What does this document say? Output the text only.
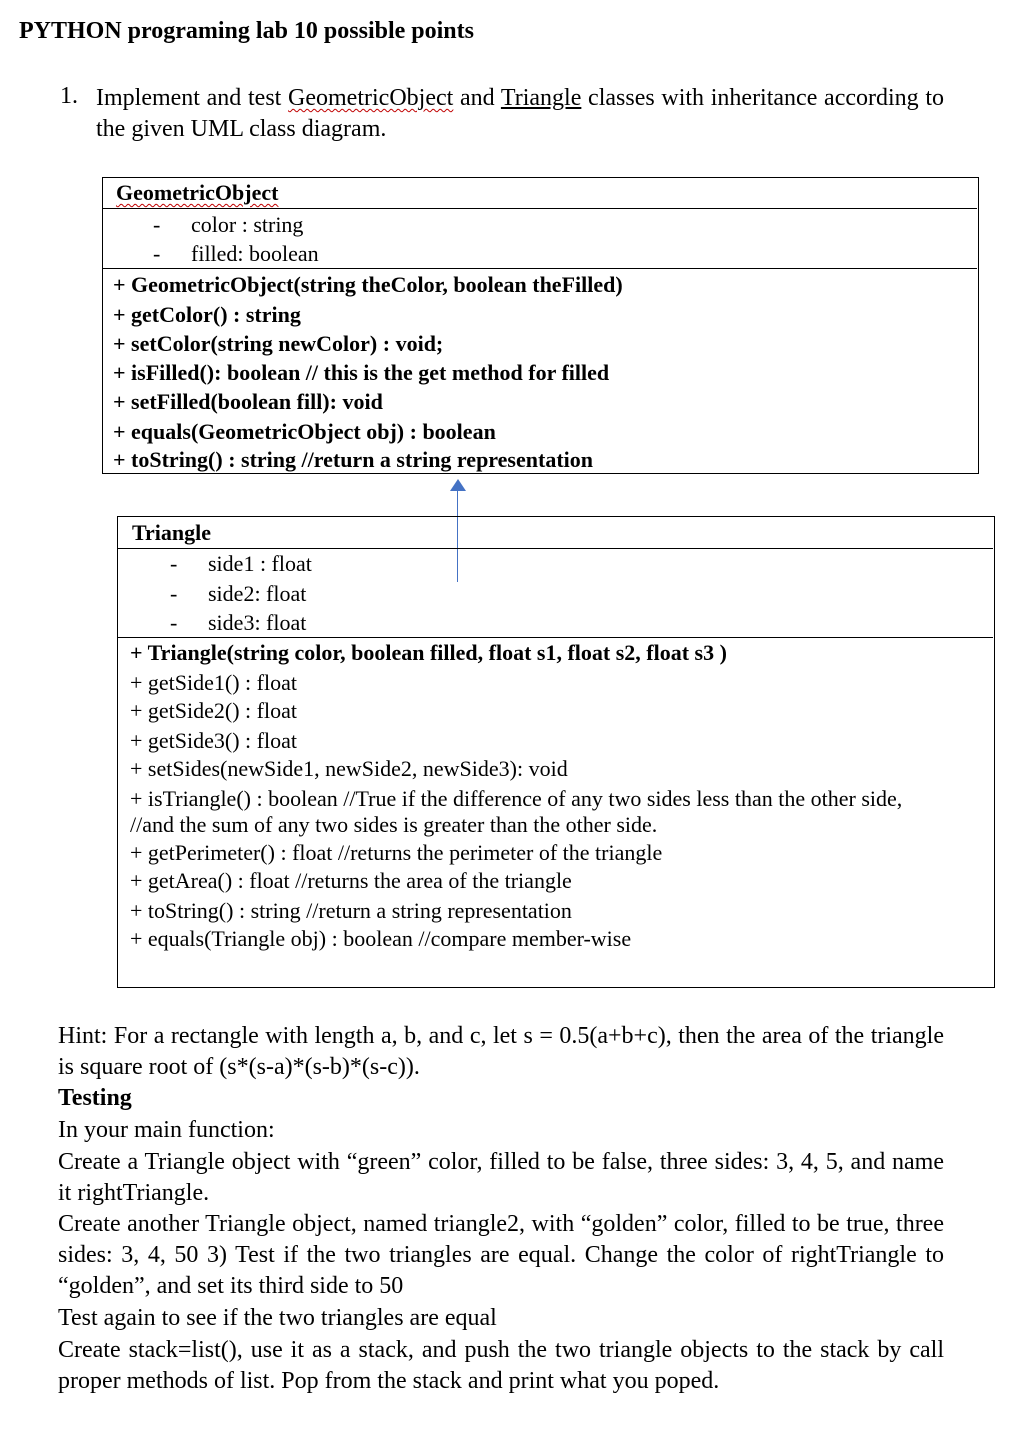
PYTHON programing lab 10 possible points
1. Implement and test GeometricObject and Triangle classes with inheritance according to the given UML class diagram.
GeometricObject
- color : string
- filled: boolean
+ GeometricObject(string theColor, boolean theFilled)
+ getColor() : string
+ setColor(string newColor) : void;
+ isFilled(): boolean // this is the get method for filled
+ setFilled(boolean fill): void
+ equals(GeometricObject obj) : boolean
+ toString() : string //return a string representation
Triangle
- side1 : float
- side2: float
- side3: float
+ Triangle(string color, boolean filled, float s1, float s2, float s3 )
+ getSide1() : float
+ getSide2() : float
+ getSide3() : float
+ setSides(newSide1, newSide2, newSide3): void
+ isTriangle() : boolean //True if the difference of any two sides less than the other side,
//and the sum of any two sides is greater than the other side.
+ getPerimeter() : float //returns the perimeter of the triangle
+ getArea() : float //returns the area of the triangle
+ toString() : string //return a string representation
+ equals(Triangle obj) : boolean //compare member-wise
Hint: For a rectangle with length a, b, and c, let s = 0.5(a+b+c), then the area of the triangle is square root of (s*(s-a)*(s-b)*(s-c)).
Testing
In your main function:
Create a Triangle object with “green” color, filled to be false, three sides: 3, 4, 5, and name it rightTriangle.
Create another Triangle object, named triangle2, with “golden” color, filled to be true, three sides: 3, 4, 50 3) Test if the two triangles are equal. Change the color of rightTriangle to “golden”, and set its third side to 50
Test again to see if the two triangles are equal
Create stack=list(), use it as a stack, and push the two triangle objects to the stack by call proper methods of list. Pop from the stack and print what you poped.
